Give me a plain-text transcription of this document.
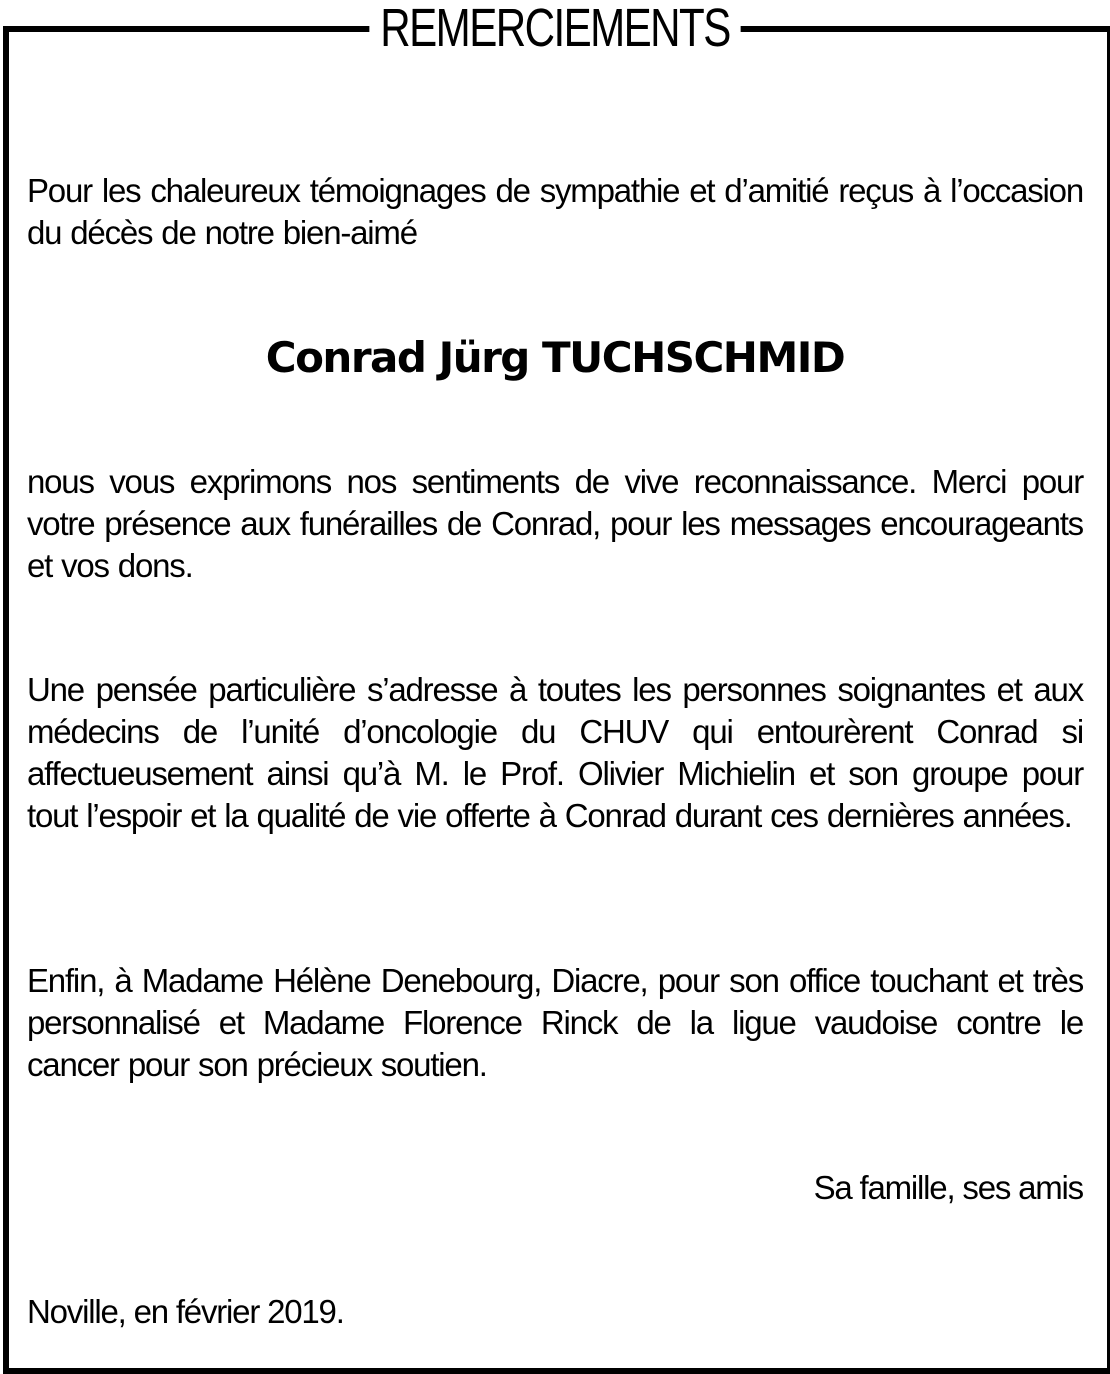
REMERCIEMENTS
Pour les chaleureux témoignages de sympathie et d’amitié reçus à l’occasion du décès de notre bien-aimé
Conrad Jürg TUCHSCHMID
nous vous exprimons nos sentiments de vive reconnaissance. Merci pour votre présence aux funérailles de Conrad, pour les messages encourageants et vos dons.
Une pensée particulière s’adresse à toutes les personnes soignantes et aux médecins de l’unité d’oncologie du CHUV qui entourèrent Conrad si affectueusement ainsi qu’à M. le Prof. Olivier Michielin et son groupe pour tout l’espoir et la qualité de vie offerte à Conrad durant ces dernières années.
Enfin, à Madame Hélène Denebourg, Diacre, pour son office touchant et très personnalisé et Madame Florence Rinck de la ligue vaudoise contre le cancer pour son précieux soutien.
Sa famille, ses amis
Noville, en février 2019.
